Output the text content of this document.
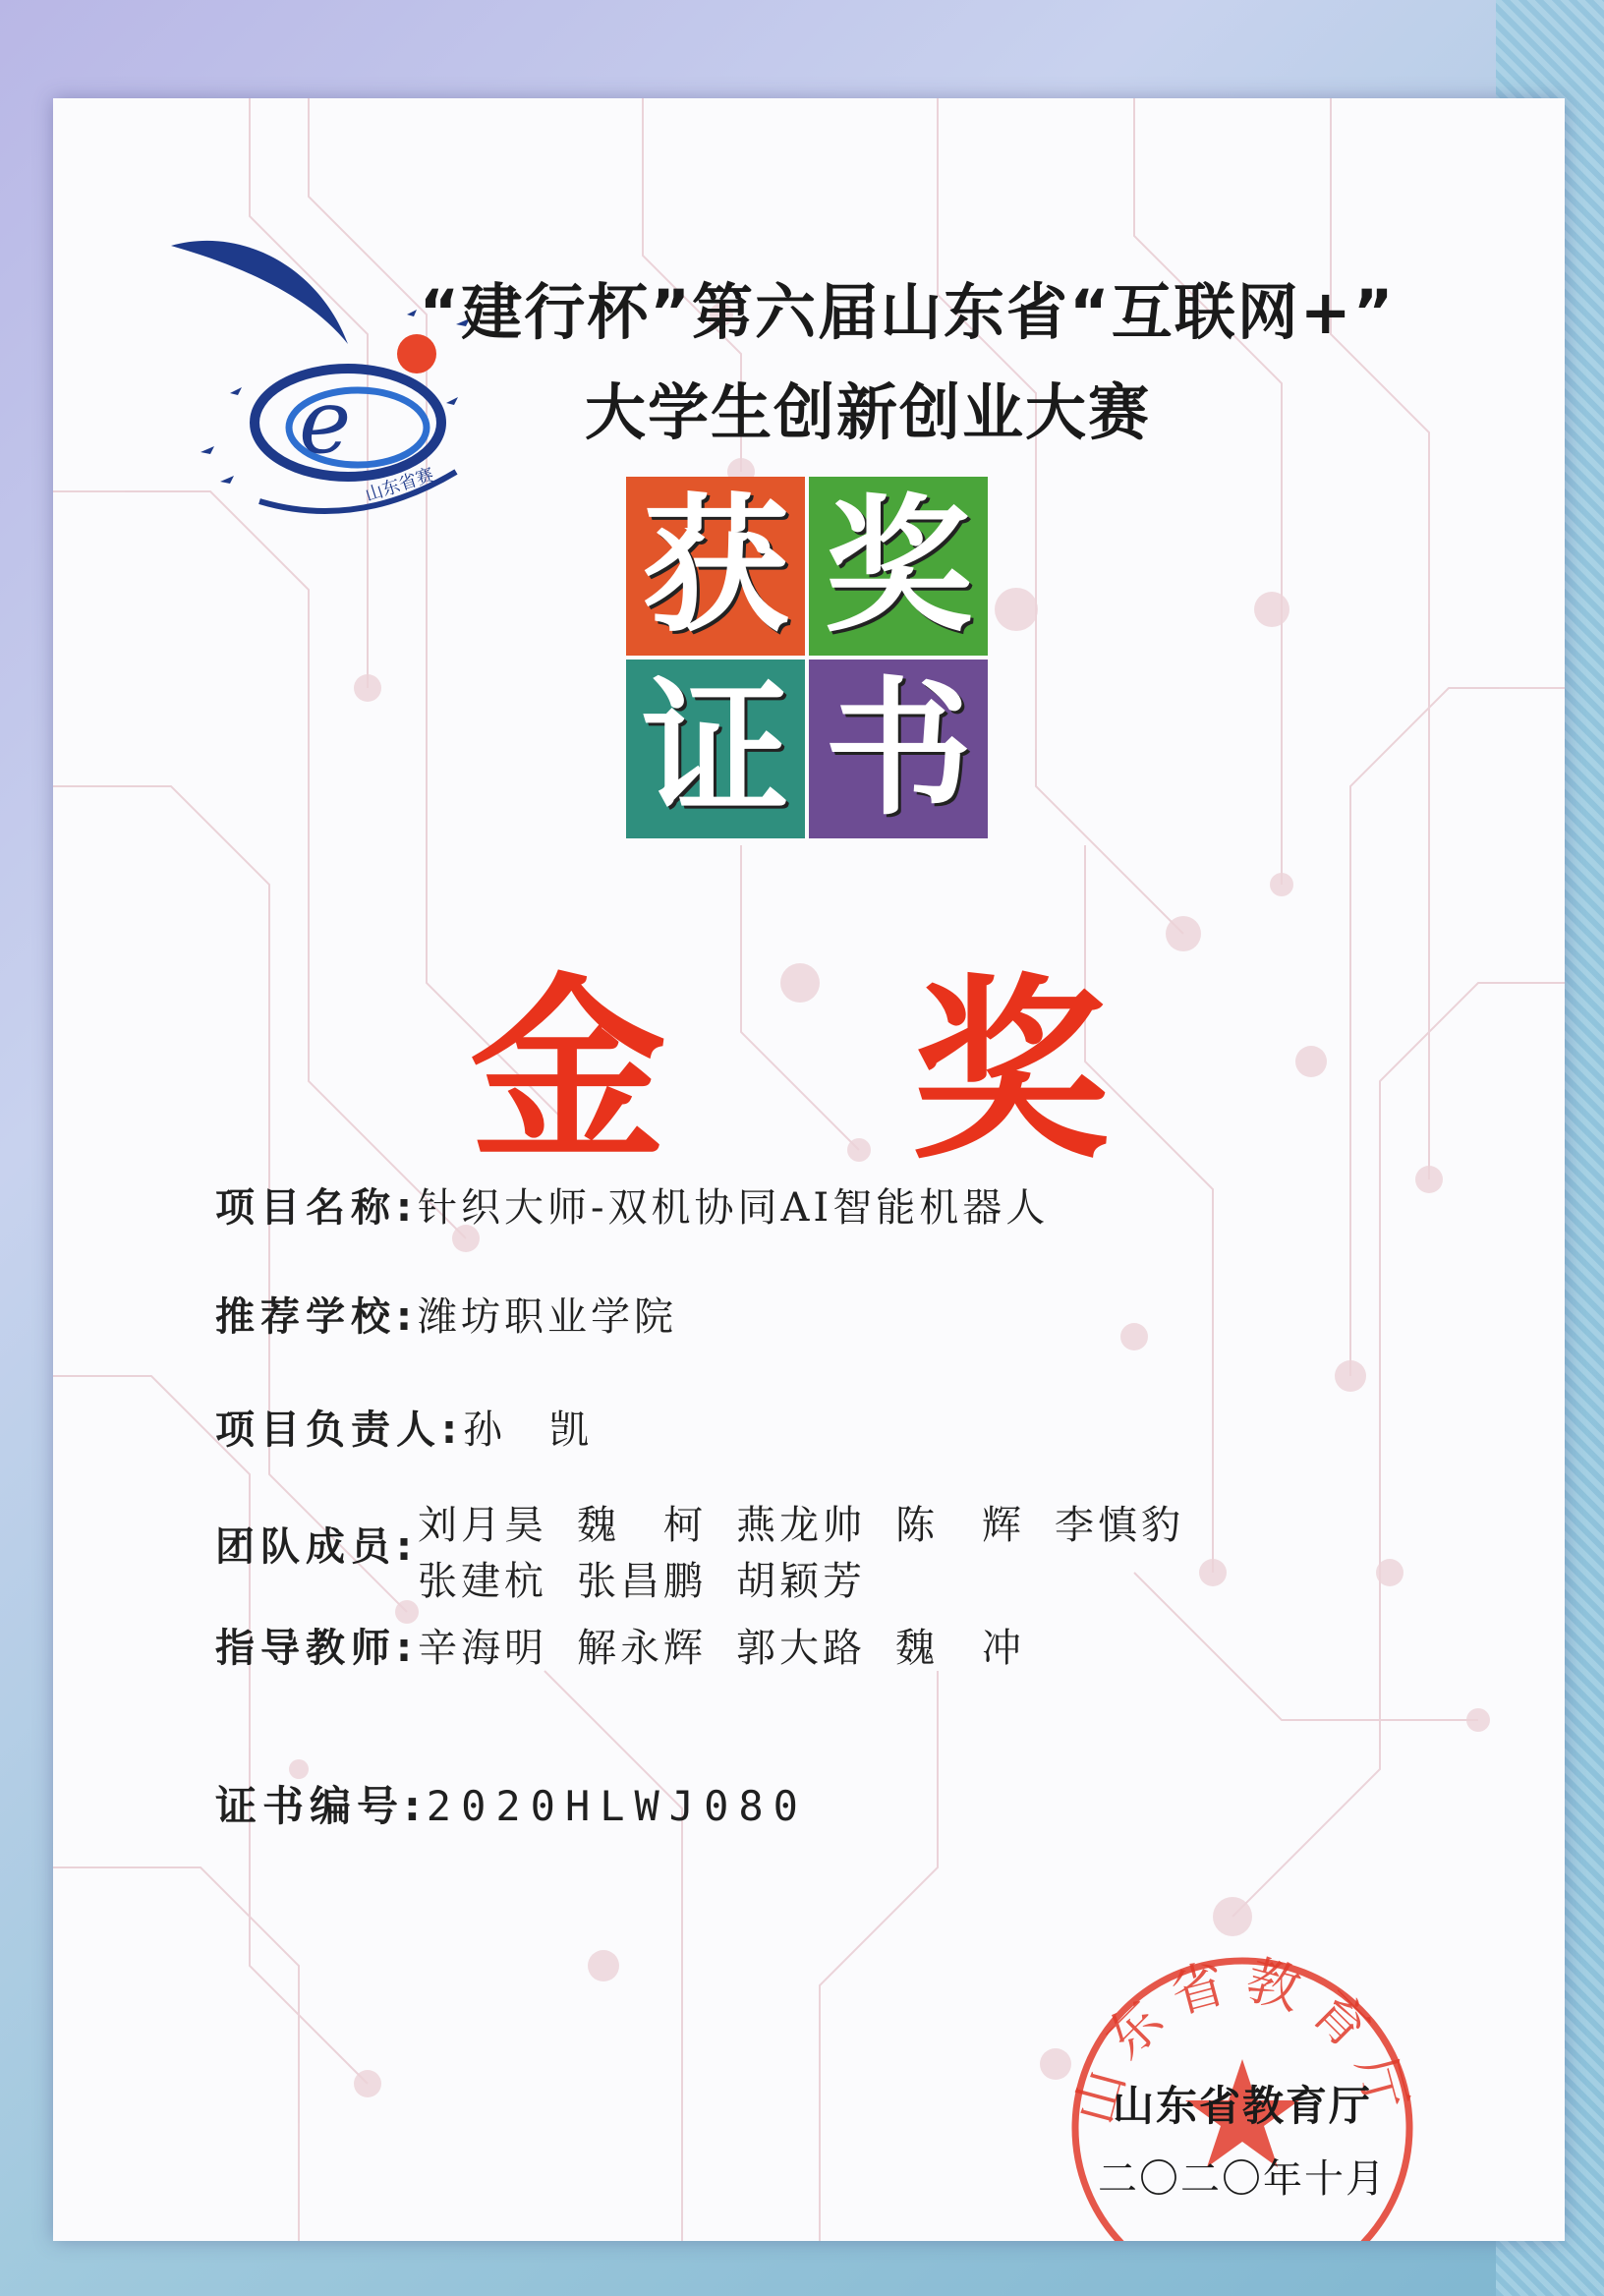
e
山东省赛
“建行杯”第六届山东省“互联网+”
大学生创新创业大赛
获 奖
证 书
金 奖
项目名称:针织大师-双机协同AI智能机器人
推荐学校:潍坊职业学院
项目负责人:孙　凯
团队成员: 刘月昊 魏　柯 燕龙帅 陈　辉 李慎豹
张建杭 张昌鹏 胡颖芳
指导教师:辛海明 解永辉 郭大路 魏　冲
证书编号:2020HLWJ080
山东省教育厅
山东省教育厅
二〇二〇年十月
